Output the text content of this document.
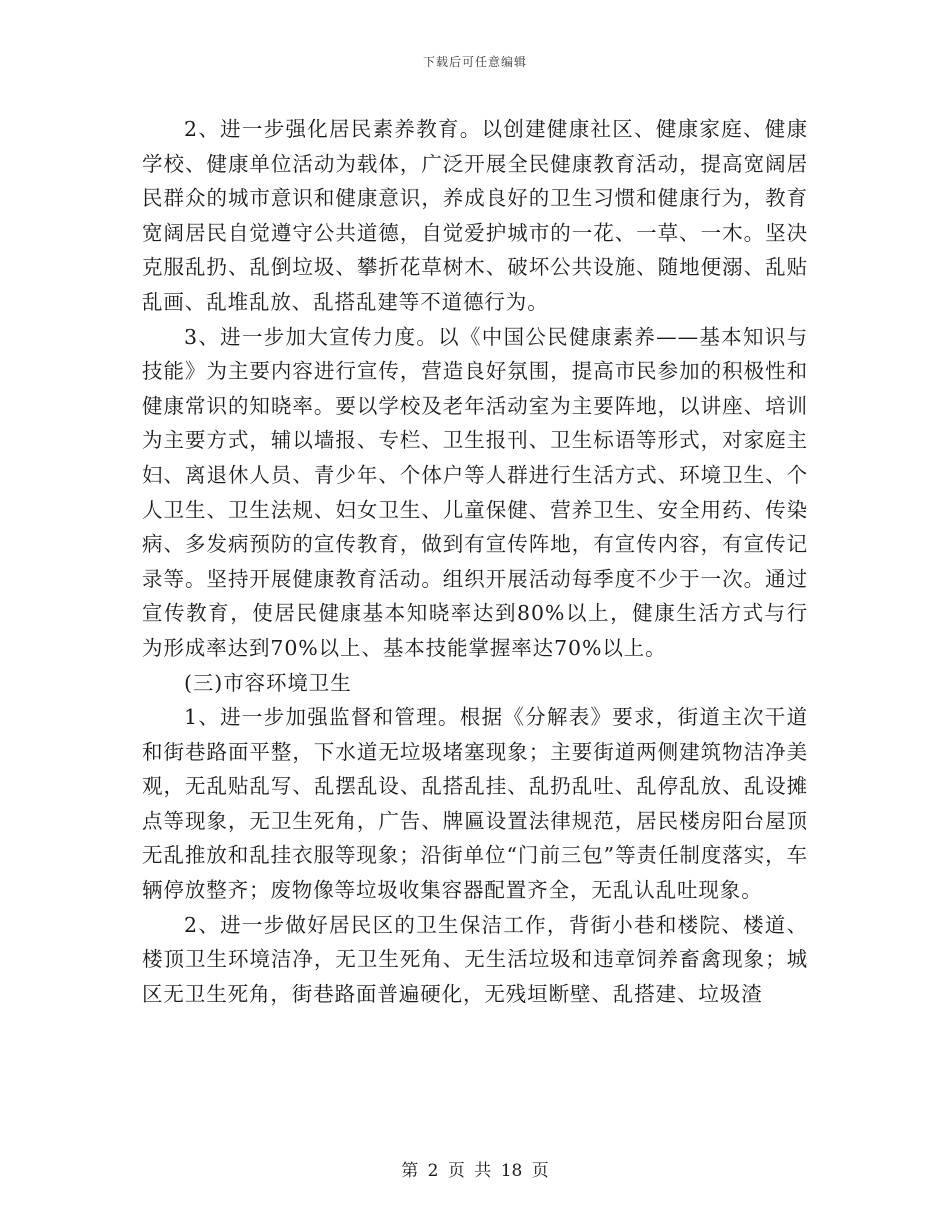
下载后可任意编辑

2、进一步强化居民素养教育。以创建健康社区、健康家庭、健康学校、健康单位活动为载体，广泛开展全民健康教育活动，提高宽阔居民群众的城市意识和健康意识，养成良好的卫生习惯和健康行为，教育宽阔居民自觉遵守公共道德，自觉爱护城市的一花、一草、一木。坚决克服乱扔、乱倒垃圾、攀折花草树木、破坏公共设施、随地便溺、乱贴乱画、乱堆乱放、乱搭乱建等不道德行为。

3、进一步加大宣传力度。以《中国公民健康素养——基本知识与技能》为主要内容进行宣传，营造良好氛围，提高市民参加的积极性和健康常识的知晓率。要以学校及老年活动室为主要阵地，以讲座、培训为主要方式，辅以墙报、专栏、卫生报刊、卫生标语等形式，对家庭主妇、离退休人员、青少年、个体户等人群进行生活方式、环境卫生、个人卫生、卫生法规、妇女卫生、儿童保健、营养卫生、安全用药、传染病、多发病预防的宣传教育，做到有宣传阵地，有宣传内容，有宣传记录等。坚持开展健康教育活动。组织开展活动每季度不少于一次。通过宣传教育，使居民健康基本知晓率达到80%以上，健康生活方式与行为形成率达到70%以上、基本技能掌握率达70%以上。

(三)市容环境卫生

1、进一步加强监督和管理。根据《分解表》要求，街道主次干道和街巷路面平整，下水道无垃圾堵塞现象；主要街道两侧建筑物洁净美观，无乱贴乱写、乱摆乱设、乱搭乱挂、乱扔乱吐、乱停乱放、乱设摊点等现象，无卫生死角，广告、牌匾设置法律规范，居民楼房阳台屋顶无乱推放和乱挂衣服等现象；沿街单位“门前三包”等责任制度落实，车辆停放整齐；废物像等垃圾收集容器配置齐全，无乱认乱吐现象。

2、进一步做好居民区的卫生保洁工作，背街小巷和楼院、楼道、楼顶卫生环境洁净，无卫生死角、无生活垃圾和违章饲养畜禽现象；城区无卫生死角，街巷路面普遍硬化，无残垣断壁、乱搭建、垃圾渣

第 2 页 共 18 页
